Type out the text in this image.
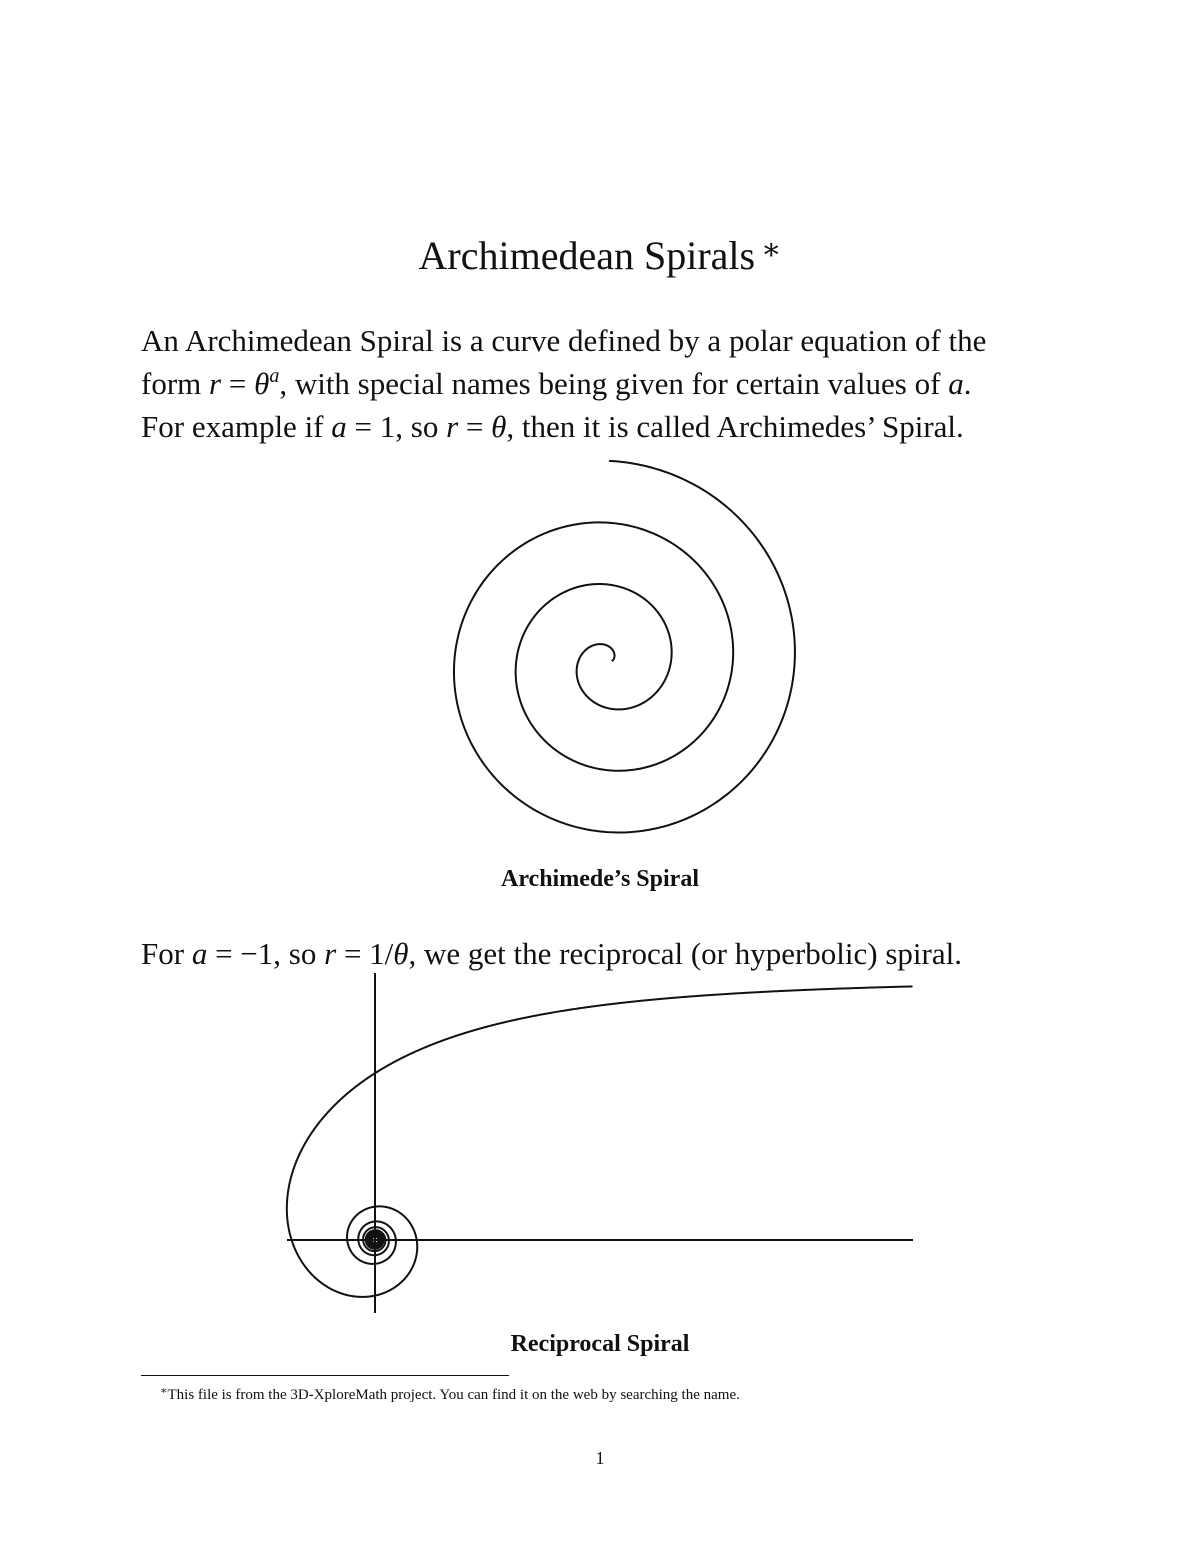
Archimedean Spirals ∗
An Archimedean Spiral is a curve defined by a polar equation of the
form $r = \theta^a$, with special names being given for certain values of a.
For example if a = 1, so r = θ, then it is called Archimedes’ Spiral.
Archimede’s Spiral
For a = −1, so r = 1/θ, we get the reciprocal (or hyperbolic) spiral.
Reciprocal Spiral
∗This file is from the 3D-XploreMath project. You can find it on the web by searching the name.
1
